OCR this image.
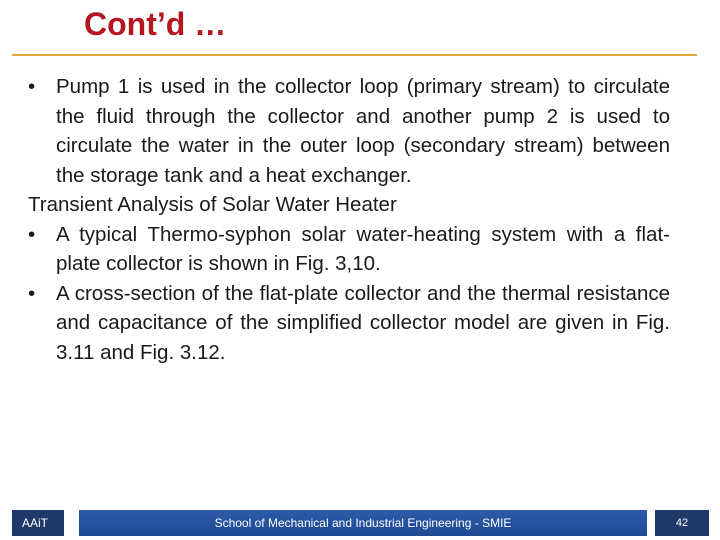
Cont’d …
• Pump 1 is used in the collector loop (primary stream) to circulate the fluid through the collector and another pump 2 is used to circulate the water in the outer loop (secondary stream) between the storage tank and a heat exchanger.
Transient Analysis of Solar Water Heater
• A typical Thermo-syphon solar water-heating system with a flat-plate collector is shown in Fig. 3,10.
• A cross-section of the flat-plate collector and the thermal resistance and capacitance of the simplified collector model are given in Fig. 3.11 and Fig. 3.12.
AAiT	School of Mechanical and Industrial Engineering - SMIE	42
